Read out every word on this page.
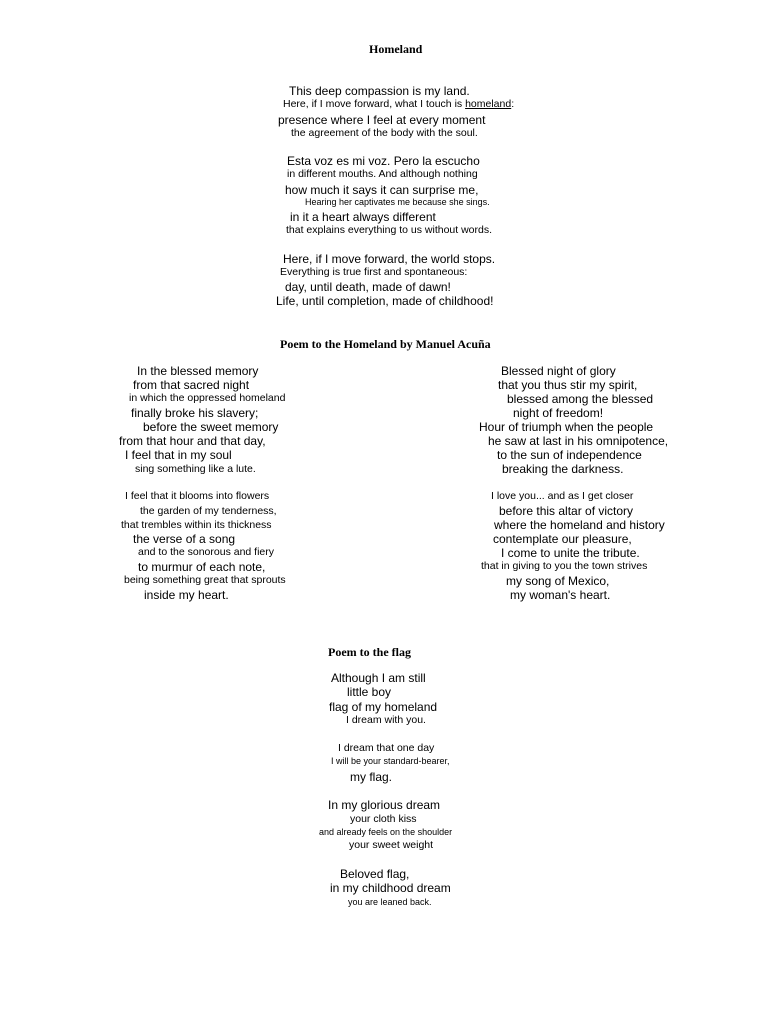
Homeland
This deep compassion is my land.
Here, if I move forward, what I touch is homeland:
presence where I feel at every moment
the agreement of the body with the soul.
Esta voz es mi voz. Pero la escucho
in different mouths. And although nothing
how much it says it can surprise me,
Hearing her captivates me because she sings.
in it a heart always different
that explains everything to us without words.
Here, if I move forward, the world stops.
Everything is true first and spontaneous:
day, until death, made of dawn!
Life, until completion, made of childhood!
Poem to the Homeland by Manuel Acuña
In the blessed memory
from that sacred night
in which the oppressed homeland
finally broke his slavery;
before the sweet memory
from that hour and that day,
I feel that in my soul
sing something like a lute.
I feel that it blooms into flowers
the garden of my tenderness,
that trembles within its thickness
the verse of a song
and to the sonorous and fiery
to murmur of each note,
being something great that sprouts
inside my heart.
Blessed night of glory
that you thus stir my spirit,
blessed among the blessed
night of freedom!
Hour of triumph when the people
he saw at last in his omnipotence,
to the sun of independence
breaking the darkness.
I love you... and as I get closer
before this altar of victory
where the homeland and history
contemplate our pleasure,
I come to unite the tribute.
that in giving to you the town strives
my song of Mexico,
my woman's heart.
Poem to the flag
Although I am still
little boy
flag of my homeland
I dream with you.
I dream that one day
I will be your standard-bearer,
my flag.
In my glorious dream
your cloth kiss
and already feels on the shoulder
your sweet weight
Beloved flag,
in my childhood dream
you are leaned back.
